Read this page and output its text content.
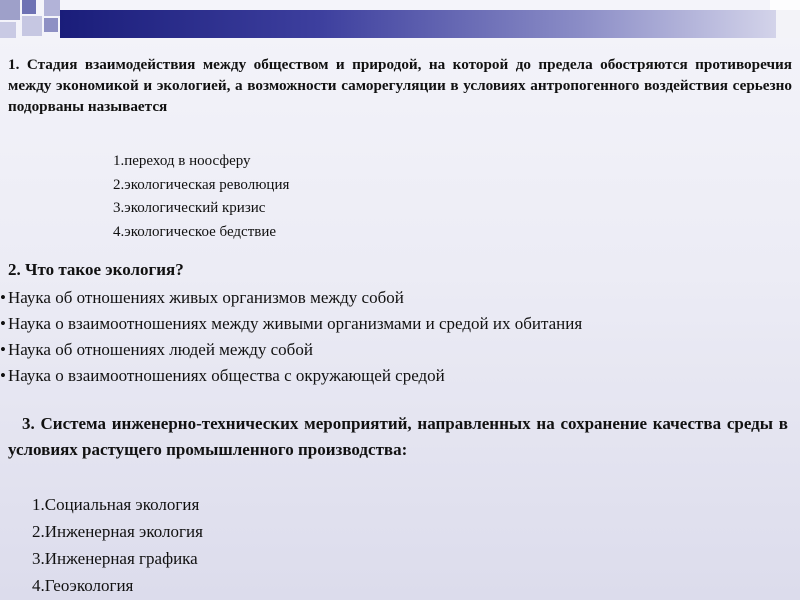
1. Стадия взаимодействия между обществом и природой, на которой до предела обостряются противоречия между экономикой и экологией, а возможности саморегуляции в условиях антропогенного воздействия серьезно подорваны называется
1.переход в ноосферу
2.экологическая революция
3.экологический кризис
4.экологическое бедствие
2. Что такое экология?
• Наука об отношениях живых организмов между собой
• Наука о взаимоотношениях между живыми организмами и средой их обитания
• Наука об отношениях людей между собой
• Наука о взаимоотношениях общества с окружающей средой
3. Система инженерно-технических мероприятий, направленных на сохранение качества среды в условиях растущего промышленного производства:
1.Социальная экология
2.Инженерная экология
3.Инженерная графика
4.Геоэкология
